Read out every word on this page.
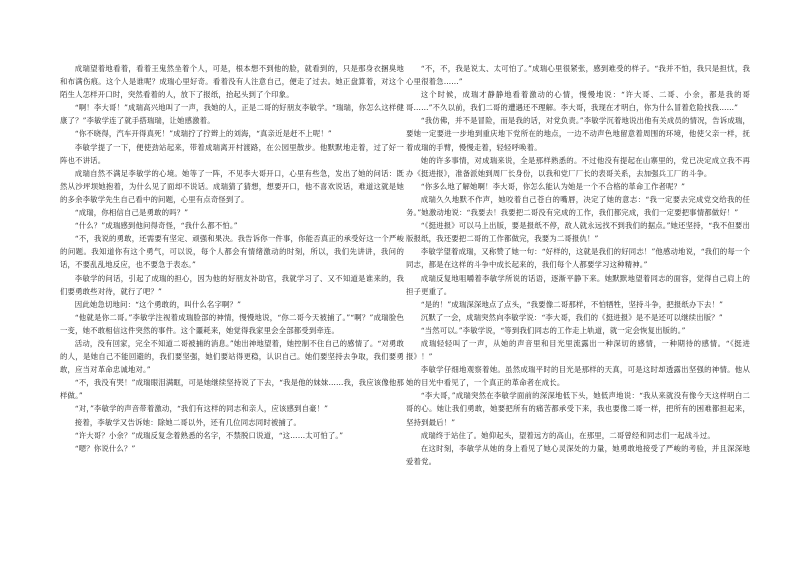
成瑞望着地看着，看着王鬼然坐着个人，可是，根本想不到他的脸，就看到的，只是那身衣捆臭地和布满伤痕。这个人是谁呢？成瑞心里好奇。看着没有人注意自己，便走了过去。她正盘算着，对这个陌生人怎样开口时，突然看着的人，放下了报纸，抬起头到了个印象。

“啊！李大哥！”成瑞高兴地叫了一声，我她的人，正是二哥的好朋友李敏学。“瑞瑞，你怎么这样健康了？”李敏学连了就手搭瑞瑞，让她感激着。

“你不晓得，汽车开得真死！”成瑞拧了拧辫上的刘海，“真亲近是赶不上呢！”

李敏学提了一下，便使劲站起来，带着成瑞离开村渡路，在公园里散步。他默默地走着，过了好一阵也不讲话。

成瑞自然不满足李敏学的心境。她等了一阵，不见李大哥开口，心里有些急，发出了她的问话：既然从沙坪坝她抱着，为什么见了面却不说话。成瑞猜了猜想，想要开口，他不喜欢说话，难道这就是她的多余李敏学先生自己看中的问题，心里有点奇怪到了。

“成瑞，你相信自己是勇敢的吗？”

“什么？”成瑞感到他问得奇怪，“我什么都不怕。”

“不，我说的勇敢，还需要有坚定、顽强和果决。我告诉你一件事，你能否真正的承受好这一个严峻的问题。我知道你有这个勇气，可以说，每个人都会有情绪激动的时刻，所以，我们先讲讲，我问的话，不要乱乱地反应，也不要急于表态。”

李敏学的问话，引起了成瑞的担心，因为他的好朋友补助官，我就学习了、又不知道是谁来的，我们要勇敢些对待，就行了吧？”

因此她急切地问：“这个勇敢的，叫什么名字啊？”

“他就是你二哥。”李敏学注视着成瑞脸部的神情，慢慢地说，“你二哥今天被捕了。”“啊？”成瑞脸色一变，她不敢相信这件突然的事件。这个噩耗来，她觉得我家里会全部都受到牵连。

活动，没有回家，完全不知道二哥被捕的消息。”她出神地望着，她控制不住自己的感情了。“对勇敢的人，是她自己不能回避的，我们要坚强，她们要站得更稳，认识自己。她们要坚持去争取，我们要勇敢，应当对革命忠诚地对。”

“不，我没有哭！”成瑞眼泪满眶，可是她继续坚持说了下去，“我是他的妹妹……我，我应该像他那样做。”

“对，”李敏学的声音带着激动，“我们有这样的同志和亲人，应该感到自豪！”

接着，李敏学又告诉她：除她二哥以外，还有几位同志同时被捕了。

“许大哥？小余？”成瑞反复念着熟悉的名字，不禁脱口说道，“这……太可怕了。”

“嗯？你说什么？”

“不，不，我是说太、太可怕了。”成瑞心里很紧张，感到难受的样子。“我并不怕，我只是担忧，我心里很着急……”

这个时候，成瑞才静静地看着激动的心情，慢慢地说：“许大哥、二哥、小余，都是我的哥哥……”不久以前，我们二哥的遭遇还不理解。李大哥，我现在才明白，你为什么冒着危险找我……”

“我仿佛，并不是冒险，而是我的话，对党负责。”李敏学沉着地说出他有关成员的情况，告诉成瑞，要她一定要进一步地到重庆地下党所在的地点，一边不动声色地留意着周围的环境，他使父亲一样，抚着成瑞的手臂，慢慢走着，轻轻呼唤着。

她的许多事情，对成瑞来说，全是那样熟悉的。不过他没有提起在山寨里的，党已决定成立我不再办《挺进报》，准备派她到周厂长身份，以我和党厂厂长的表哥关系，去加强兵工厂的斗争。

“你多么地了解她啊！李大哥，你怎么能认为她是一个不合格的革命工作者呢？”

成瑞久久地默不作声，她咬着自己苍白的嘴唇，决定了她的意志：“我一定要去完成党交给我的任务。”她激动地说：“我要去！我要把二哥没有完成的工作，我们都完成，我们一定要把事情都做好！”

“《挺进报》可以马上出版，要是报纸不停，敌人就永远找不到我们的据点。”她还坚持，“我不但要出版报纸，我还要把二哥的工作都做完，我要为二哥报仇！”

李敏学望着成瑞，又称赞了她一句：“好样的，这就是我们的好同志！”他感动地说，“我们的每一个同志，都是在这样的斗争中成长起来的，我们每个人都要学习这种精神。”

成瑞反复地咀嚼着李敏学所说的话语，逐渐平静下来。她默默地望着同志的面容，觉得自己肩上的担子更重了。

“是的！”成瑞深深地点了点头，“我要像二哥那样，不怕牺牲，坚持斗争，把报纸办下去！”

沉默了一会，成瑞突然向李敏学说：“李大哥，我们的《挺进报》是不是还可以继续出版？”

“当然可以。”李敏学说，“等到我们同志的工作走上轨道，就一定会恢复出版的。”

成瑞轻轻叫了一声，从她的声音里和目光里流露出一种深切的感情，一种期待的感情。“《挺进报》！”

李敏学仔细地观察着她。虽然成瑞平时的目光是那样的天真，可是这时却透露出坚强的神情。他从她的目光中看见了，一个真正的革命者在成长。

“李大哥，”成瑞突然在李敏学面前的深深地低下头，她低声地说：“我从来就没有像今天这样明白二哥的心。她让我们勇敢，她要把所有的痛苦都承受下来，我也要像二哥一样，把所有的困难都担起来，坚持到最后！”

成瑞终于站住了。她仰起头，望着远方的高山，在那里，二哥曾经和同志们一起战斗过。

在这时刻，李敏学从她的身上看见了她心灵深处的力量，她勇敢地接受了严峻的考验，并且深深地爱着党。
